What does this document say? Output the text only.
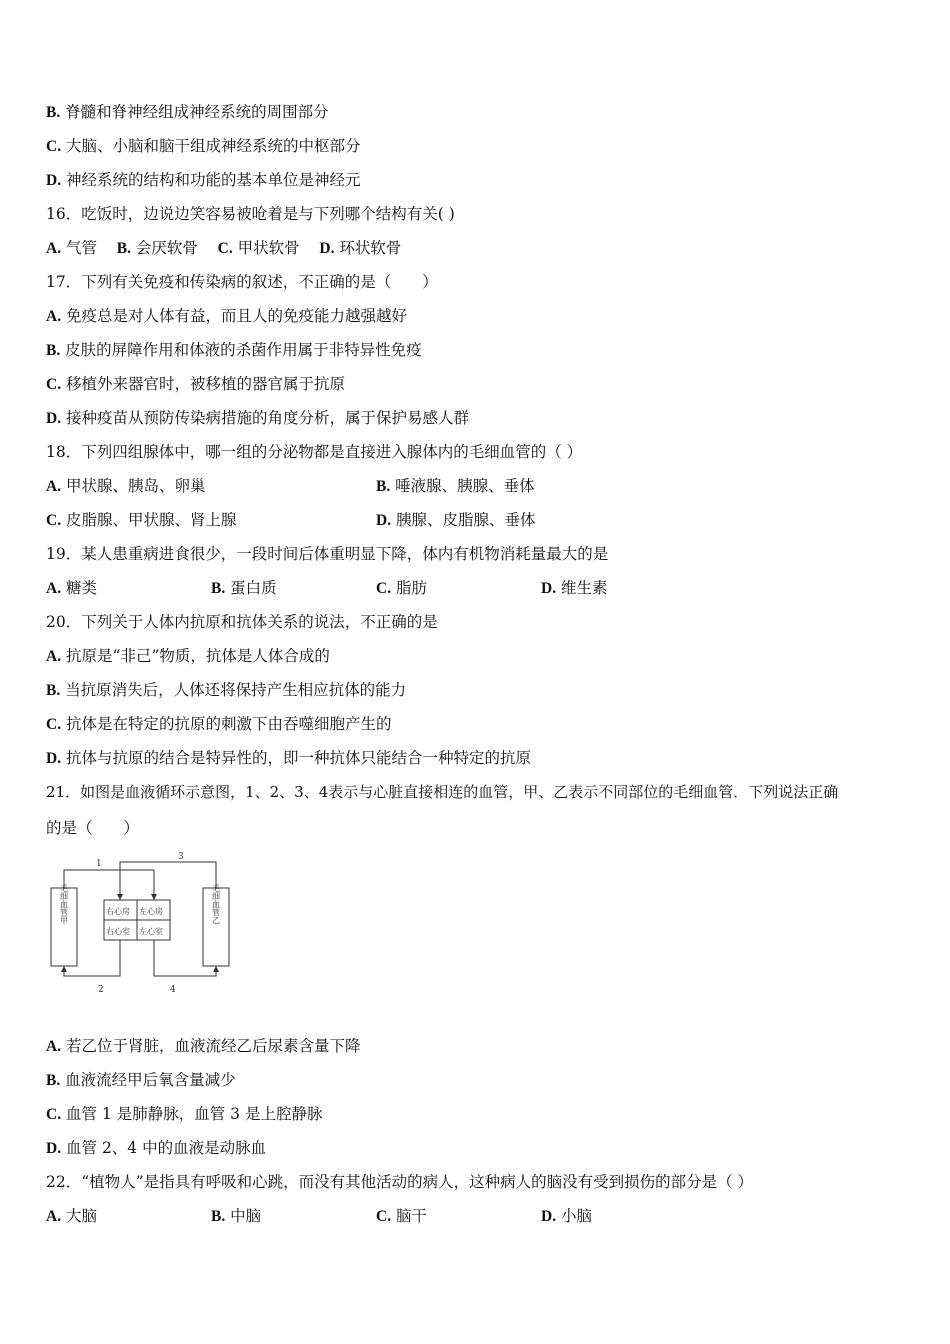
B. 脊髓和脊神经组成神经系统的周围部分
C. 大脑、小脑和脑干组成神经系统的中枢部分
D. 神经系统的结构和功能的基本单位是神经元
16．吃饭时，边说边笑容易被呛着是与下列哪个结构有关( )
A. 气管 B. 会厌软骨 C. 甲状软骨 D. 环状软骨
17．下列有关免疫和传染病的叙述，不正确的是（　　）
A. 免疫总是对人体有益，而且人的免疫能力越强越好
B. 皮肤的屏障作用和体液的杀菌作用属于非特异性免疫
C. 移植外来器官时，被移植的器官属于抗原
D. 接种疫苗从预防传染病措施的角度分析，属于保护易感人群
18．下列四组腺体中，哪一组的分泌物都是直接进入腺体内的毛细血管的（ ）
A. 甲状腺、胰岛、卵巢	B. 唾液腺、胰腺、垂体
C. 皮脂腺、甲状腺、肾上腺	D. 胰腺、皮脂腺、垂体
19．某人患重病进食很少，一段时间后体重明显下降，体内有机物消耗量最大的是
A. 糖类	B. 蛋白质	C. 脂肪	D. 维生素
20．下列关于人体内抗原和抗体关系的说法，不正确的是
A. 抗原是“非己”物质，抗体是人体合成的
B. 当抗原消失后，人体还将保持产生相应抗体的能力
C. 抗体是在特定的抗原的刺激下由吞噬细胞产生的
D. 抗体与抗原的结合是特异性的，即一种抗体只能结合一种特定的抗原
21．如图是血液循环示意图，1、2、3、4表示与心脏直接相连的血管，甲、乙表示不同部位的毛细血管．下列说法正确
的是（　　）
1
3
2	4
右心房 左心房
右心室 左心室
毛细血管甲	毛细血管乙
A. 若乙位于肾脏，血液流经乙后尿素含量下降
B. 血液流经甲后氧含量减少
C. 血管 1 是肺静脉，血管 3 是上腔静脉
D. 血管 2、4 中的血液是动脉血
22．“植物人”是指具有呼吸和心跳，而没有其他活动的病人，这种病人的脑没有受到损伤的部分是（ ）
A. 大脑	B. 中脑	C. 脑干	D. 小脑
